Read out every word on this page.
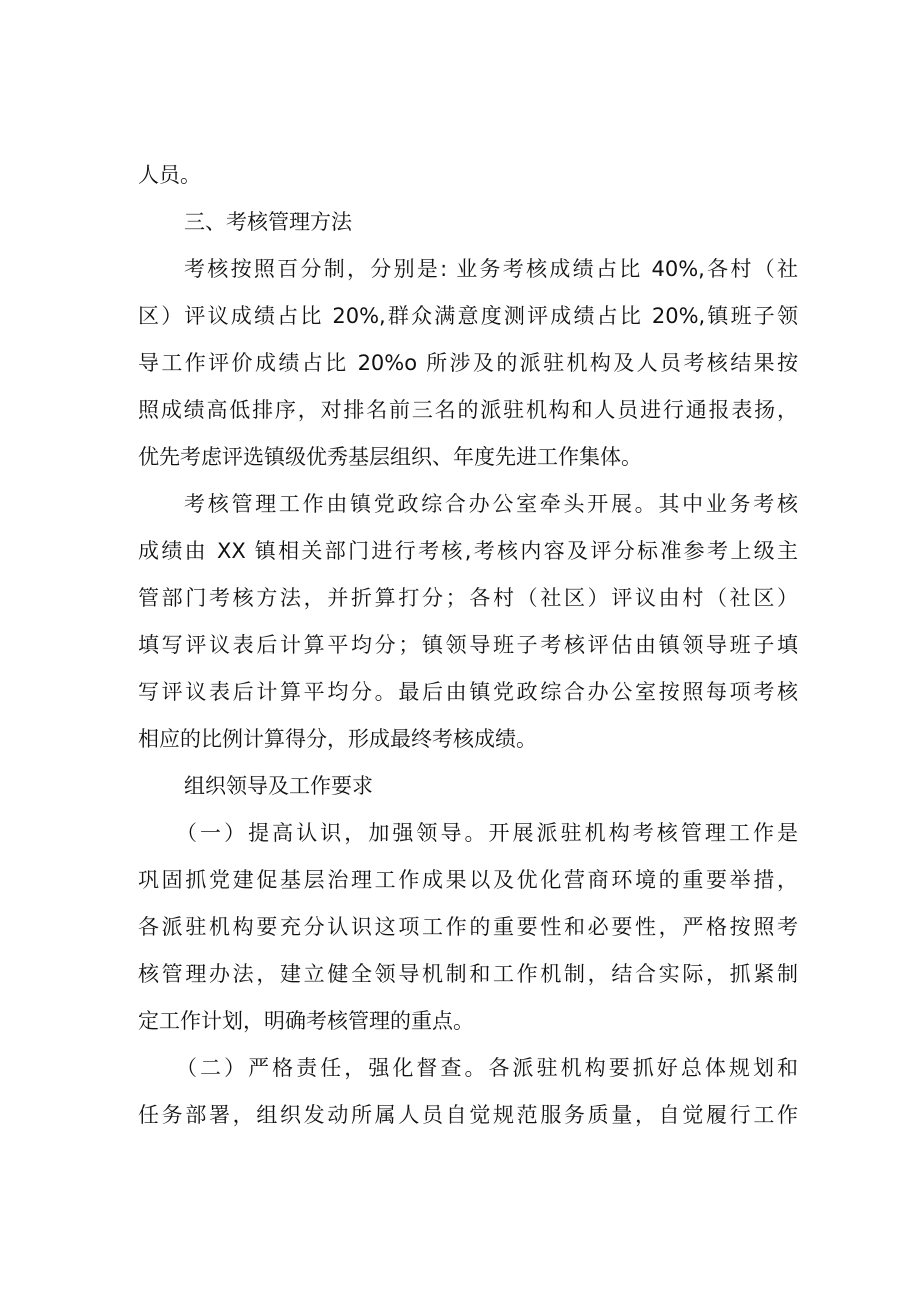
人员。
三、考核管理方法
考核按照百分制，分别是: 业务考核成绩占比 40%,各村（社
区）评议成绩占比 20%,群众满意度测评成绩占比 20%,镇班子领
导工作评价成绩占比 20%o 所涉及的派驻机构及人员考核结果按
照成绩高低排序，对排名前三名的派驻机构和人员进行通报表扬，
优先考虑评选镇级优秀基层组织、年度先进工作集体。
考核管理工作由镇党政综合办公室牵头开展。其中业务考核
成绩由 XX 镇相关部门进行考核,考核内容及评分标准参考上级主
管部门考核方法，并折算打分；各村（社区）评议由村（社区）
填写评议表后计算平均分；镇领导班子考核评估由镇领导班子填
写评议表后计算平均分。最后由镇党政综合办公室按照每项考核
相应的比例计算得分，形成最终考核成绩。
组织领导及工作要求
（一）提高认识，加强领导。开展派驻机构考核管理工作是
巩固抓党建促基层治理工作成果以及优化营商环境的重要举措，
各派驻机构要充分认识这项工作的重要性和必要性，严格按照考
核管理办法，建立健全领导机制和工作机制，结合实际，抓紧制
定工作计划，明确考核管理的重点。
（二）严格责任，强化督查。各派驻机构要抓好总体规划和
任务部署，组织发动所属人员自觉规范服务质量，自觉履行工作
